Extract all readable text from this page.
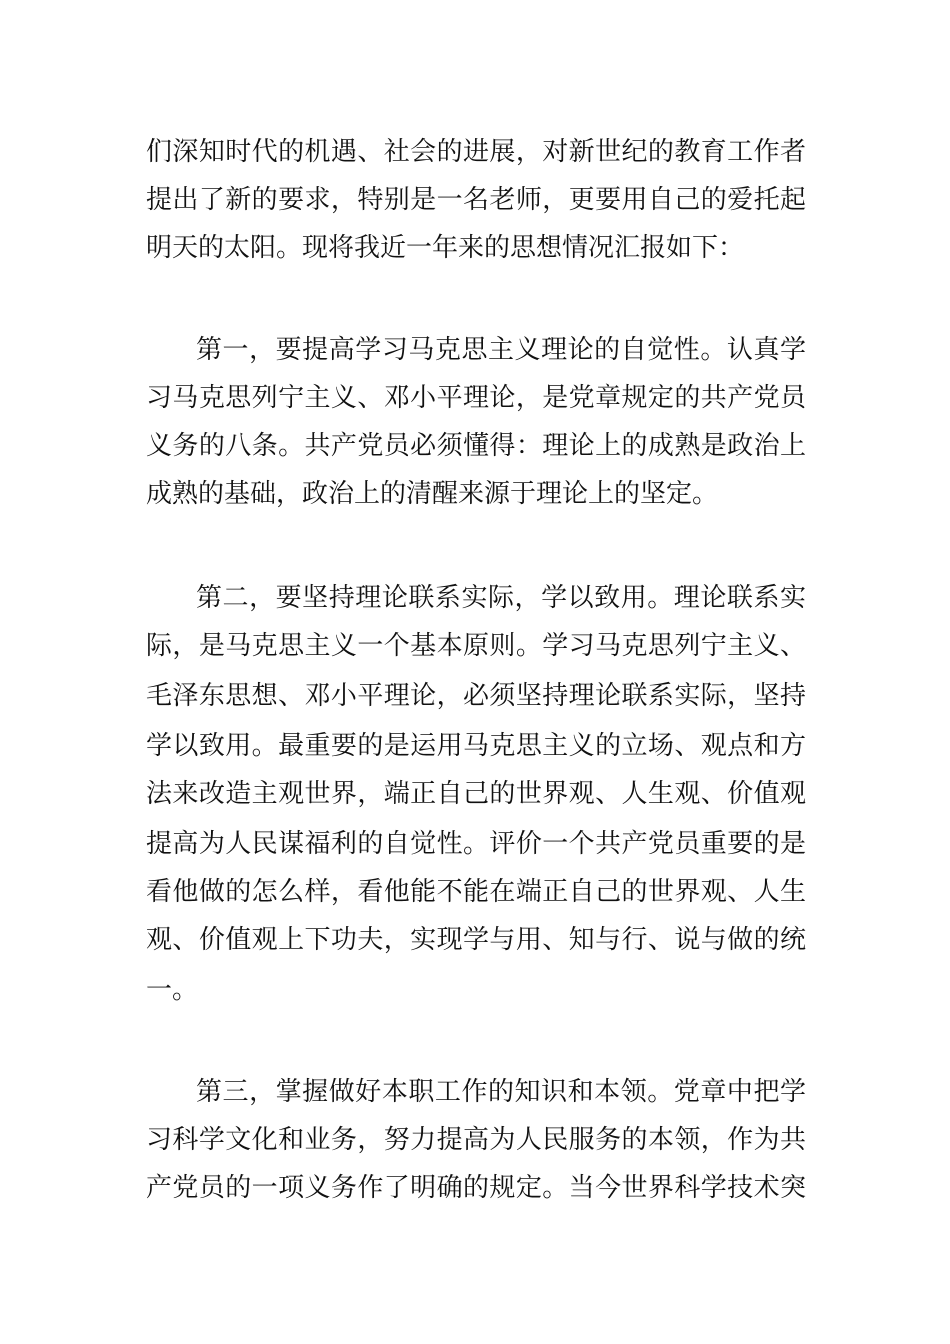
们深知时代的机遇、社会的进展，对新世纪的教育工作者

提出了新的要求，特别是一名老师，更要用自己的爱托起

明天的太阳。现将我近一年来的思想情况汇报如下：

第一，要提高学习马克思主义理论的自觉性。认真学

习马克思列宁主义、邓小平理论，是党章规定的共产党员

义务的八条。共产党员必须懂得：理论上的成熟是政治上

成熟的基础，政治上的清醒来源于理论上的坚定。

第二，要坚持理论联系实际，学以致用。理论联系实

际，是马克思主义一个基本原则。学习马克思列宁主义、

毛泽东思想、邓小平理论，必须坚持理论联系实际，坚持

学以致用。最重要的是运用马克思主义的立场、观点和方

法来改造主观世界，端正自己的世界观、人生观、价值观

提高为人民谋福利的自觉性。评价一个共产党员重要的是

看他做的怎么样，看他能不能在端正自己的世界观、人生

观、价值观上下功夫，实现学与用、知与行、说与做的统

一。

第三，掌握做好本职工作的知识和本领。党章中把学

习科学文化和业务，努力提高为人民服务的本领，作为共

产党员的一项义务作了明确的规定。当今世界科学技术突
